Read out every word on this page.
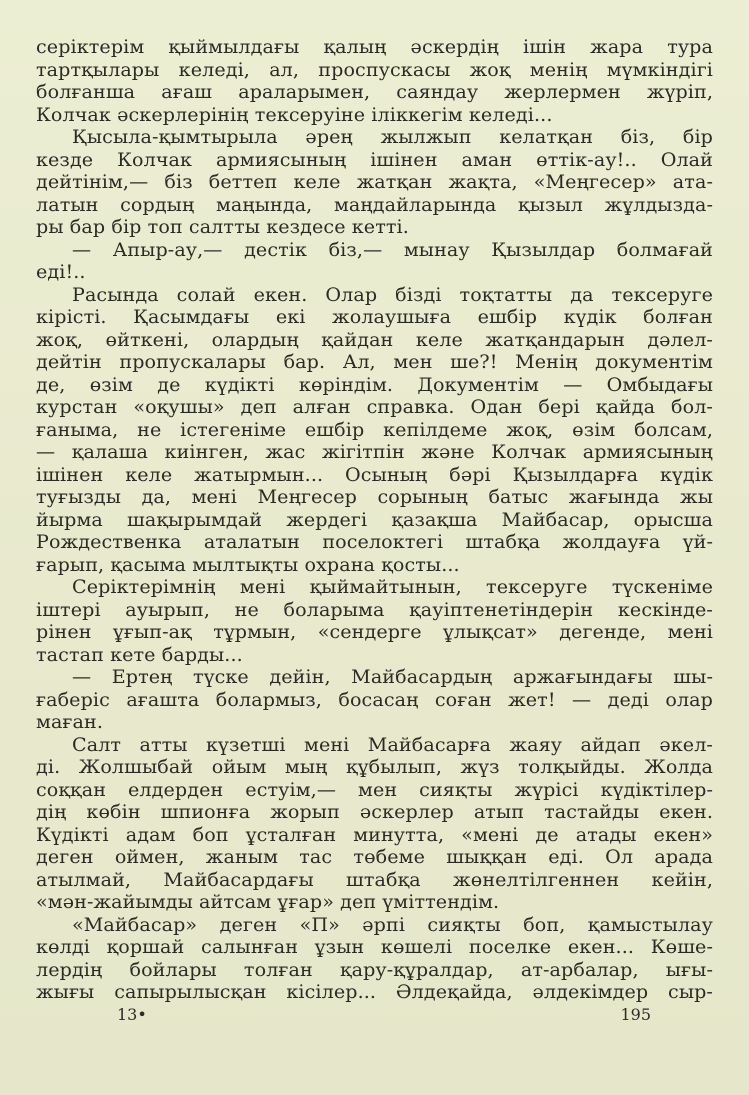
серіктерім қыймылдағы қалың әскердің ішін жара тура
тартқылары келеді, ал, проспускасы жоқ менің мүмкіндігі
болғанша ағаш араларымен, саяндау жерлермен жүріп,
Колчак әскерлерінің тексеруіне іліккегім келеді...
Қысыла-қымтырыла әрең жылжып келатқан біз, бір
кезде Колчак армиясының ішінен аман өттік-ау!.. Олай
дейтінім,— біз беттеп келе жатқан жақта, «Меңгесер» ата-
латын сордың маңында, маңдайларында қызыл жұлдызда-
ры бар бір топ салтты кездесе кетті.
— Апыр-ау,— дестік біз,— мынау Қызылдар болмағай
еді!..
Расында солай екен. Олар бізді тоқтатты да тексеруге
кірісті. Қасымдағы екі жолаушыға ешбір күдік болған
жоқ, өйткені, олардың қайдан келе жатқандарын дәлел-
дейтін пропускалары бар. Ал, мен ше?! Менің документім
де, өзім де күдікті көріндім. Документім — Омбыдағы
курстан «оқушы» деп алған справка. Одан бері қайда бол-
ғаныма, не істегеніме ешбір кепілдеме жоқ, өзім болсам,
— қалаша киінген, жас жігітпін және Колчак армиясының
ішінен келе жатырмын... Осының бәрі Қызылдарға күдік
туғызды да, мені Меңгесер сорының батыс жағында жы
йырма шақырымдай жердегі қазақша Майбасар, орысша
Рождественка аталатын поселоктегі штабқа жолдауға үй-
ғарып, қасыма мылтықты охрана қосты...
Серіктерімнің мені қыймайтынын, тексеруге түскеніме
іштері ауырып, не боларыма қауіптенетіндерін кескінде-
рінен ұғып-ақ тұрмын, «сендерге ұлықсат» дегенде, мені
тастап кете барды...
— Ертең түске дейін, Майбасардың аржағындағы шы-
ғаберіс ағашта болармыз, босасаң соған жет! — деді олар
маған.
Салт атты күзетші мені Майбасарға жаяу айдап әкел-
ді. Жолшыбай ойым мың құбылып, жүз толқыйды. Жолда
соққан елдерден естуім,— мен сияқты жүрісі күдіктілер-
дің көбін шпионға жорып әскерлер атып тастайды екен.
Күдікті адам боп ұсталған минутта, «мені де атады екен»
деген оймен, жаным тас төбеме шыққан еді. Ол арада
атылмай, Майбасардағы штабқа жөнелтілгеннен кейін,
«мән-жайымды айтсам ұғар» деп үміттендім.
«Майбасар» деген «П» әрпі сияқты боп, қамыстылау
көлді қоршай салынған ұзын көшелі поселке екен... Көше-
лердің бойлары толған қару-құралдар, ат-арбалар, ығы-
жығы сапырылысқан кісілер... Әлдеқайда, әлдекімдер сыр-
13•	195
